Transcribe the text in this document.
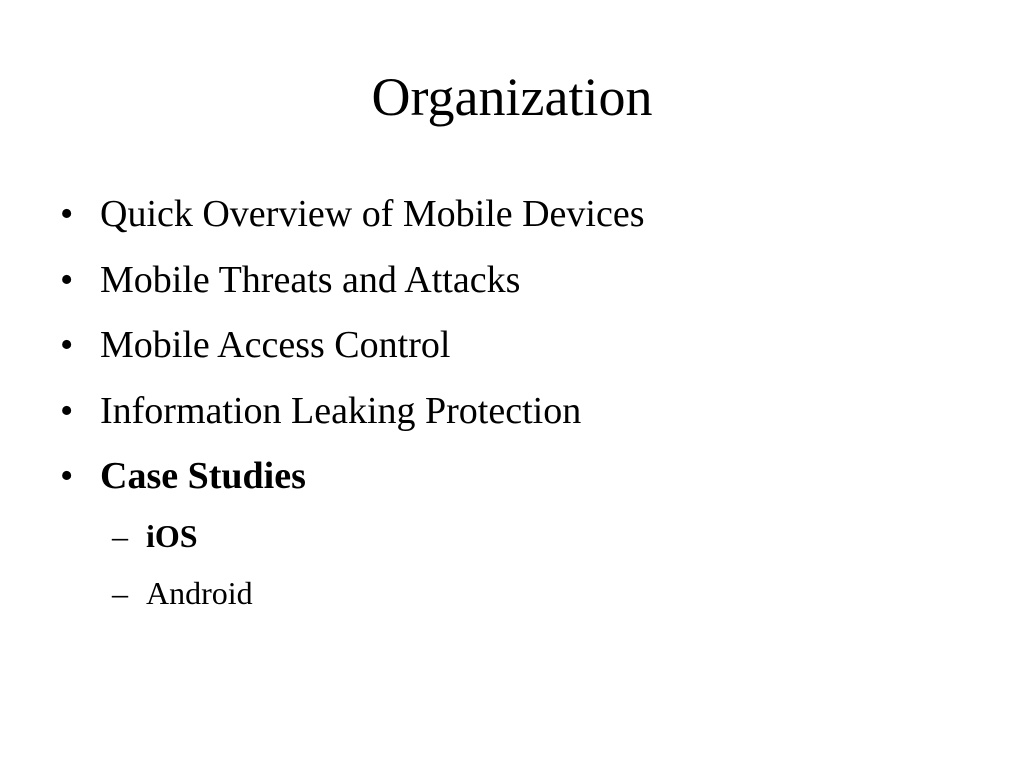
Organization
• Quick Overview of Mobile Devices
• Mobile Threats and Attacks
• Mobile Access Control
• Information Leaking Protection
• Case Studies
– iOS
– Android
